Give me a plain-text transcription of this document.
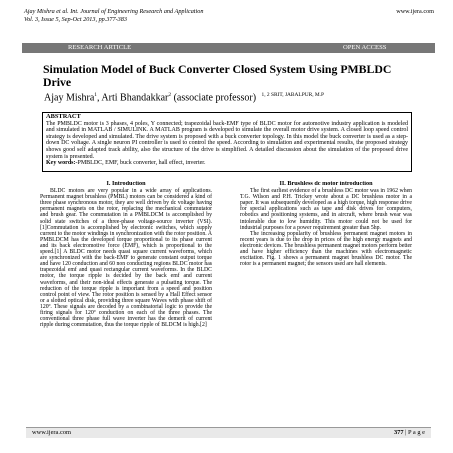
Ajay Mishra et al. Int. Journal of Engineering Research and Application
Vol. 3, Issue 5, Sep-Oct 2013, pp.377-383
www.ijera.com
RESEARCH ARTICLE	OPEN ACCESS
Simulation Model of Buck Converter Closed System Using PMBLDC Drive
Ajay Mishra$^1$, Arti Bhandakkar$^2$ (associate professor) $^{1, 2 SRIT, JABALPUR, M.P}$
ABSTRACT
The PMBLDC motor is 3 phases, 4 poles, Y connected; trapezoidal back-EMF type of BLDC motor for automotive industry application is modeled and simulated in MATLAB / SIMULINK. A MATLAB program is developed to simulate the overall motor drive system. A closed loop speed control strategy is developed and simulated. The drive system is proposed with a buck converter topology. In this model the buck converter is used as a step-down DC voltage. A single neuron PI controller is used to control the speed. According to simulation and experimental results, the proposed strategy shows good self adapted track ability, also the structure of the drive is simplified. A detailed discussion about the simulation of the proposed drive system is presented.
Key words:-PMBLDC, EMF, buck converter, hall effect, inverter.
I. Introduction

BLDC motors are very popular in a wide array of applications. Permanent magnet brushless (PMBL) motors can be considered a kind of three phase synchronous motor, they are well driven by dc voltage having permanent magnets on the rotor, replacing the mechanical commutator and brush gear. The commutation in a PMBLDCM is accomplished by solid state switches of a three-phase voltage-source inverter (VSI).[1]Commutation is accomplished by electronic switches, which supply current to the motor windings in synchronization with the rotor position. A PMBLDCM has the developed torque proportional to its phase current and its back electromotive force (EMF), which is proportional to the speed.[1] A BLDC motor needs quasi square current waveforms, which are synchronized with the back-EMF to generate constant output torque and have 120 conduction and 60 non conducting regions BLDC motor has trapezoidal emf and quasi rectangular current waveforms. In the BLDC motor, the torque ripple is decided by the back emf and current waveforms, and their non-ideal effects generate a pulsating torque. The reduction of the torque ripple is important from a speed and position control point of view. The rotor position is sensed by a Hall Effect sensor or a slotted optical disk, providing three square Waves with phase shift of 120º. These signals are decoded by a combinatorial logic to provide the firing signals for 120º conduction on each of the three phases. The conventional three phase full wave inverter has the demerit of current ripple during commutation, thus the torque ripple of BLDCM is high.[2]

II. Brushless dc motor introduction

The first earliest evidence of a brushless DC motor was in 1962 when T.G. Wilson and P.H. Trickey wrote about a DC brushless motor in a paper. It was subsequently developed as a high torque, high response drive for special applications such as tape and disk drives for computers, robotics and positioning systems, and in aircraft, where brush wear was intolerable due to low humidity. This motor could not be used for industrial purposes for a power requirement greater than 5hp.

The increasing popularity of brushless permanent magnet motors in recent years is due to the drop in prices of the high energy magnets and electronic devices. The brushless permanent magnet motors perform better and have higher efficiency than the machines with electromagnetic excitation. Fig. 1 shows a permanent magnet brushless DC motor. The rotor is a permanent magnet; the sensors used are hall elements.

www.ijera.com	377 | P a g e
